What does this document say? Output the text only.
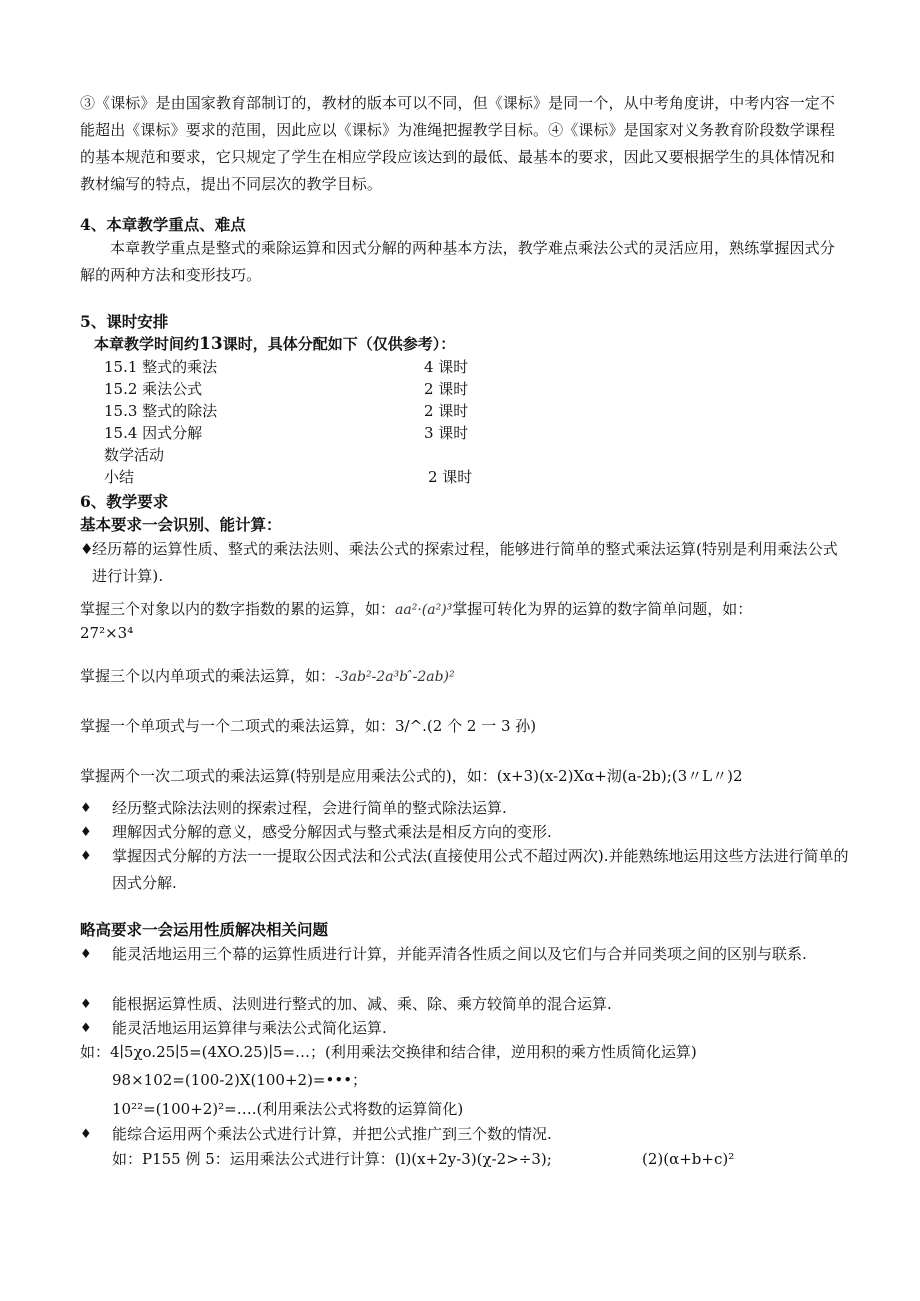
③《课标》是由国家教育部制订的，教材的版本可以不同，但《课标》是同一个，从中考角度讲，中考内容一定不能超出《课标》要求的范围，因此应以《课标》为准绳把握教学目标。④《课标》是国家对义务教育阶段数学课程的基本规范和要求，它只规定了学生在相应学段应该达到的最低、最基本的要求，因此又要根据学生的具体情况和教材编写的特点，提出不同层次的教学目标。
4、本章教学重点、难点
本章教学重点是整式的乘除运算和因式分解的两种基本方法，教学难点乘法公式的灵活应用，熟练掌握因式分解的两种方法和变形技巧。
5、课时安排
本章教学时间约13课时，具体分配如下（仅供参考）：
15.1 整式的乘法	4 课时
15.2 乘法公式	2 课时
15.3 整式的除法	2 课时
15.4 因式分解	3 课时
数学活动
小结	2 课时
6、教学要求
基本要求一会识别、能计算：
♦
经历幕的运算性质、整式的乘法法则、乘法公式的探索过程，能够进行简单的整式乘法运算(特别是利用乘法公式进行计算).
掌握三个对象以内的数字指数的累的运算，如：aa²·(a²)³掌握可转化为界的运算的数字简单问题，如：
27²×3⁴
掌握三个以内单项式的乘法运算，如：-3ab²-2a³b ̂-2ab)²
掌握一个单项式与一个二项式的乘法运算，如：3/^.(2 个 2 一 3 孙)
掌握两个一次二项式的乘法运算(特别是应用乘法公式的)，如：(x+3)(x-2)Xα+沏(a-2b);(3〃L〃)2
♦ 经历整式除法法则的探索过程，会进行简单的整式除法运算.
♦ 理解因式分解的意义，感受分解因式与整式乘法是相反方向的变形.
♦ 掌握因式分解的方法一一提取公因式法和公式法(直接使用公式不超过两次).并能熟练地运用这些方法进行简单的因式分解.
略高要求一会运用性质解决相关问题
♦ 能灵活地运用三个幕的运算性质进行计算，并能弄清各性质之间以及它们与合并同类项之间的区别与联系.
♦ 能根据运算性质、法则进行整式的加、减、乘、除、乘方较简单的混合运算.
♦ 能灵活地运用运算律与乘法公式简化运算.
如：4∣5χo.25∣5=(4XO.25)∣5=…；(利用乘法交换律和结合律，逆用积的乘方性质简化运算)
98×102=(100-2)X(100+2)=•••；
10²²=(100+2)²=….(利用乘法公式将数的运算简化)
♦ 能综合运用两个乘法公式进行计算，并把公式推广到三个数的情况.
如：P155 例 5：运用乘法公式进行计算：(l)(x+2y-3)(χ-2>÷3);	(2)(α+b+c)²
